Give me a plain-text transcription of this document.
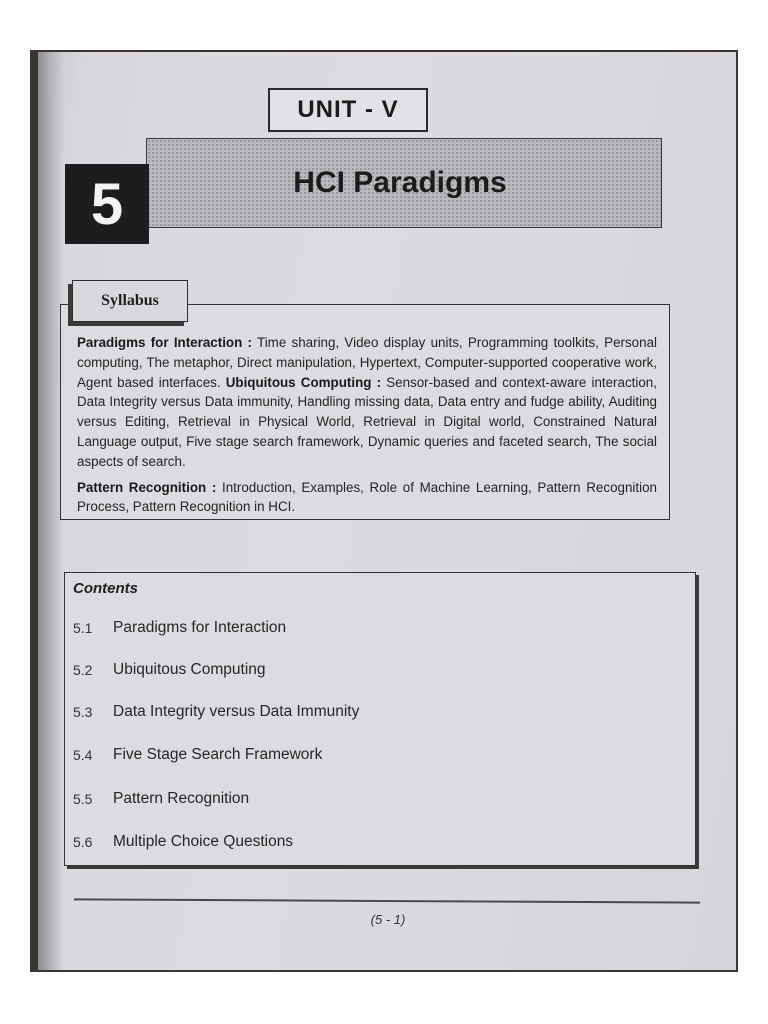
UNIT - V
HCI Paradigms
5
Syllabus

Paradigms for Interaction : Time sharing, Video display units, Programming toolkits, Personal computing, The metaphor, Direct manipulation, Hypertext, Computer-supported cooperative work, Agent based interfaces. Ubiquitous Computing : Sensor-based and context-aware interaction, Data Integrity versus Data immunity, Handling missing data, Data entry and fudge ability, Auditing versus Editing, Retrieval in Physical World, Retrieval in Digital world, Constrained Natural Language output, Five stage search framework, Dynamic queries and faceted search, The social aspects of search.

Pattern Recognition : Introduction, Examples, Role of Machine Learning, Pattern Recognition Process, Pattern Recognition in HCI.

Contents
5.1	Paradigms for Interaction
5.2	Ubiquitous Computing
5.3	Data Integrity versus Data Immunity
5.4	Five Stage Search Framework
5.5	Pattern Recognition
5.6	Multiple Choice Questions
(5 - 1)
